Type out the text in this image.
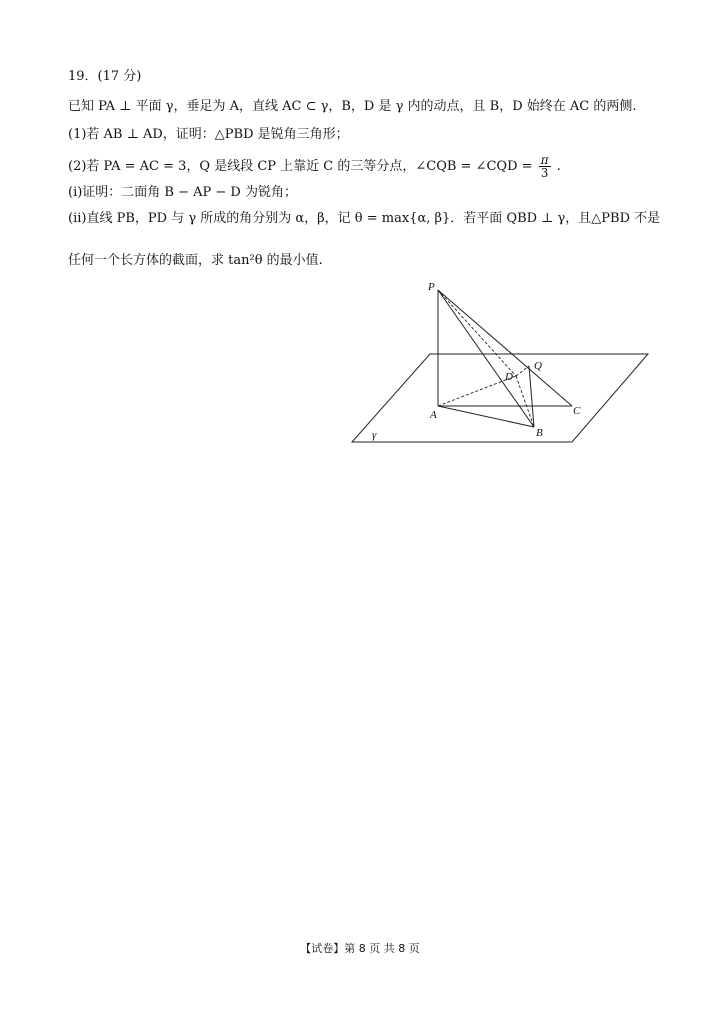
19．(17 分)
已知 PA ⊥ 平面 γ，垂足为 A，直线 AC ⊂ γ，B，D 是 γ 内的动点，且 B，D 始终在 AC 的两侧.
(1)若 AB ⊥ AD，证明：△PBD 是锐角三角形；
(2)若 PA = AC = 3，Q 是线段 CP 上靠近 C 的三等分点，∠CQB = ∠CQD = $\frac{\pi}{3}$ .
(i)证明：二面角 B − AP − D 为锐角；
(ii)直线 PB，PD 与 γ 所成的角分别为 α，β，记 θ = max{α, β}．若平面 QBD ⊥ γ，且△PBD 不是
任何一个长方体的截面，求 tan²θ 的最小值.
P
Q
D
A	C
B
γ
【试卷】第 8 页 共 8 页
